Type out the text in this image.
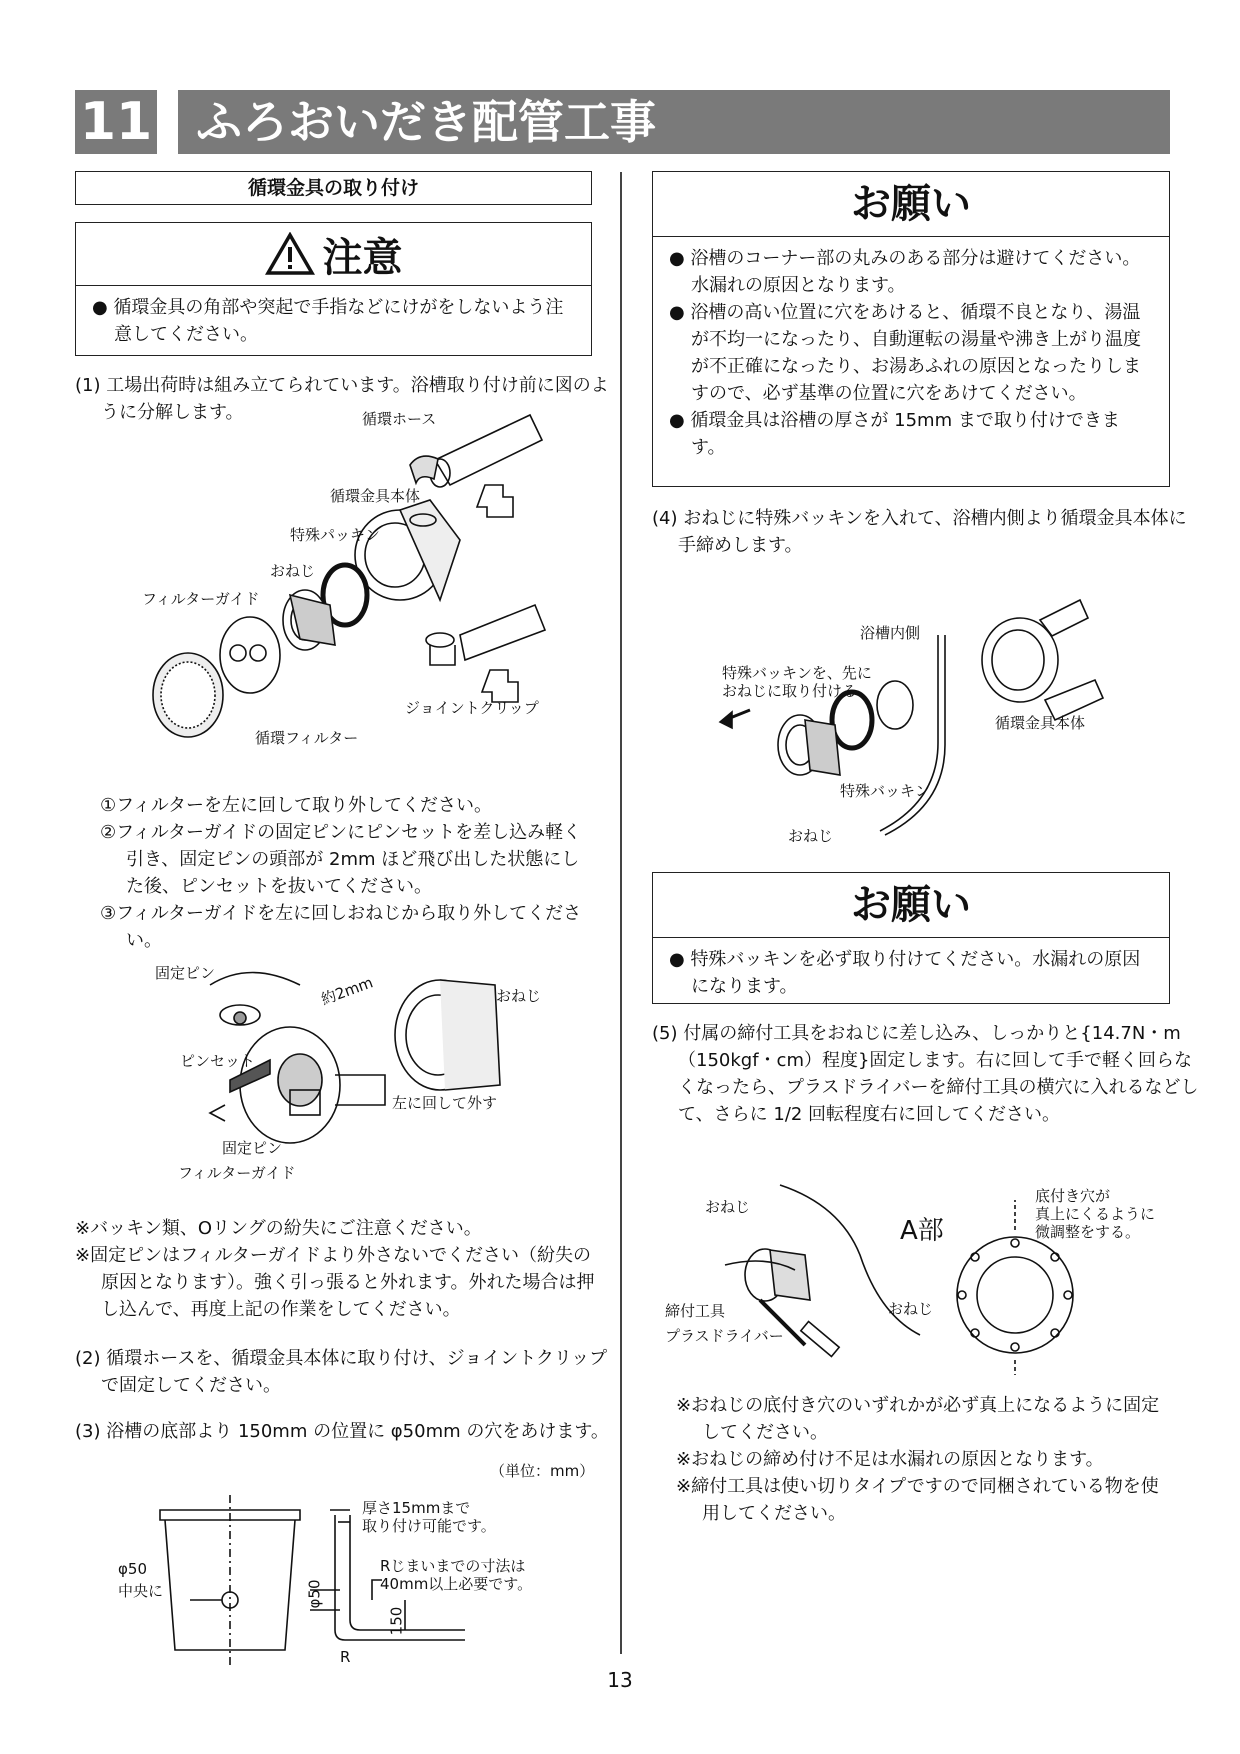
11 ふろおいだき配管工事
循環金具の取り付け
注意
● 循環金具の角部や突起で手指などにけがをしないよう注意してください。
(1) 工場出荷時は組み立てられています。浴槽取り付け前に図のように分解します。	循環ホース
循環金具本体
特殊パッキン
おねじ
フィルターガイド
ジョイントクリップ
循環フィルター
①フィルターを左に回して取り外してください。
②フィルターガイドの固定ピンにピンセットを差し込み軽く引き、固定ピンの頭部が 2mm ほど飛び出した状態にした後、ピンセットを抜いてください。
③フィルターガイドを左に回しおねじから取り外してください。
固定ピン
約2mm	おねじ
ピンセット
左に回して外す
固定ピン
フィルターガイド
※バッキン類、Oリングの紛失にご注意ください。
※固定ピンはフィルターガイドより外さないでください（紛失の原因となります）。強く引っ張ると外れます。外れた場合は押し込んで、再度上記の作業をしてください。
(2) 循環ホースを、循環金具本体に取り付け、ジョイントクリップで固定してください。
(3) 浴槽の底部より 150mm の位置に φ50mm の穴をあけます。
（単位：mm）
φ50
中央に
厚さ15mmまで
取り付け可能です。
Rじまいまでの寸法は
40mm以上必要です。
φ50
150
R
お願い
● 浴槽のコーナー部の丸みのある部分は避けてください。水漏れの原因となります。
● 浴槽の高い位置に穴をあけると、循環不良となり、湯温が不均一になったり、自動運転の湯量や沸き上がり温度が不正確になったり、お湯あふれの原因となったりしますので、必ず基準の位置に穴をあけてください。
● 循環金具は浴槽の厚さが 15mm まで取り付けできます。
(4) おねじに特殊バッキンを入れて、浴槽内側より循環金具本体に手締めします。
浴槽内側
特殊バッキンを、先に
おねじに取り付ける
循環金具本体
特殊バッキン
おねじ
お願い
● 特殊バッキンを必ず取り付けてください。水漏れの原因になります。
(5) 付属の締付工具をおねじに差し込み、しっかりと{14.7N・m（150kgf・cm）程度}固定します。右に回して手で軽く回らなくなったら、プラスドライバーを締付工具の横穴に入れるなどして、さらに 1/2 回転程度右に回してください。
おねじ
締付工具
プラスドライバー
A部
底付き穴が
真上にくるように
微調整をする。
おねじ
※おねじの底付き穴のいずれかが必ず真上になるように固定してください。
※おねじの締め付け不足は水漏れの原因となります。
※締付工具は使い切りタイプですので同梱されている物を使用してください。
13
